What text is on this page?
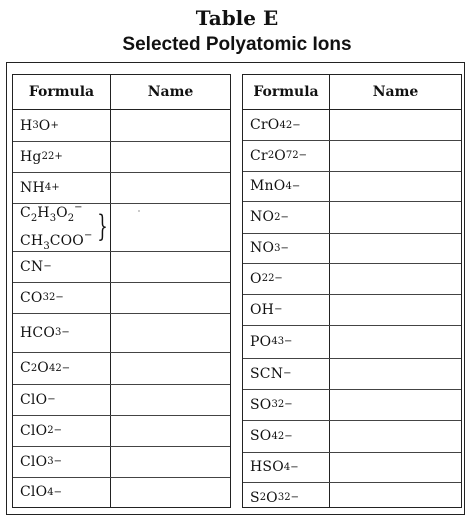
Table E
Selected Polyatomic Ions
Formula	Name
H 3 O +
Hg 2 2+
NH 4 +
$C_2H_3O_2^-$
$CH_3COO^-$ }
CN −
CO 3 2−
HCO 3 −
C 2 O 4 2−
ClO −
ClO 2 −
ClO 3 −
ClO 4 −
Formula	Name
CrO 4 2−
Cr 2 O 7 2−
MnO 4 −
NO 2 −
NO 3 −
O 2 2−
OH −
PO 4 3−
SCN −
SO 3 2−
SO 4 2−
HSO 4 −
S 2 O 3 2−
